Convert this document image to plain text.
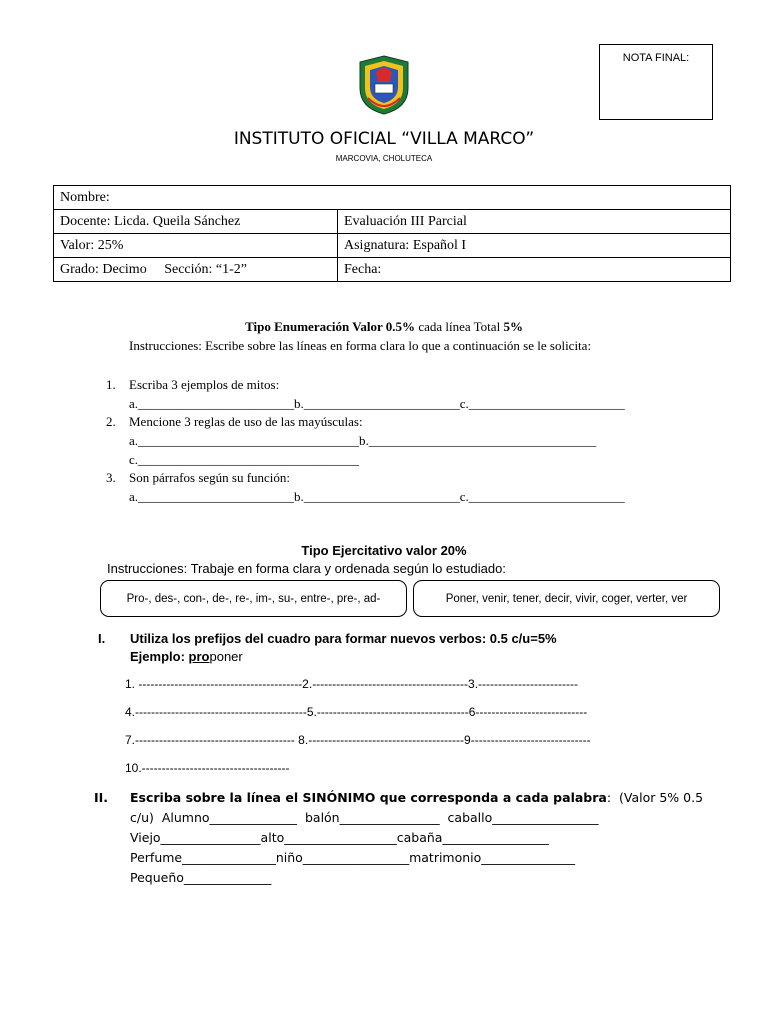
NOTA FINAL:
INSTITUTO OFICIAL “VILLA MARCO”
MARCOVIA, CHOLUTECA
Nombre:	
Docente: Licda. Queila Sánchez	Evaluación III Parcial
Valor: 25%	Asignatura: Español I
Grado: Decimo     Sección: “1-2”	Fecha:
Tipo Enumeración Valor 0.5% cada línea Total 5%
Instrucciones: Escribe sobre las líneas en forma clara lo que a continuación se le solicita:
1. Escriba 3 ejemplos de mitos:
a.________________________b.________________________c.________________________
2. Mencione 3 reglas de uso de las mayúsculas:
a.__________________________________b.___________________________________
c.__________________________________
3. Son párrafos según su función:
a.________________________b.________________________c.________________________
Tipo Ejercitativo valor 20%
Instrucciones: Trabaje en forma clara y ordenada según lo estudiado:
Pro-, des-, con-, de-, re-, im-, su-, entre-, pre-, ad-	Poner, venir, tener, decir, vivir, coger, verter, ver
I. Utiliza los prefijos del cuadro para formar nuevos verbos: 0.5 c/u=5%
Ejemplo: proponer
1. -----------------------------------------2.---------------------------------------3.-------------------------
4.-------------------------------------------5.--------------------------------------6----------------------------
7.---------------------------------------- 8.---------------------------------------9------------------------------
10.-------------------------------------
II. Escriba sobre la línea el SINÓNIMO que corresponda a cada palabra:  (Valor 5% 0.5
c/u)  Alumno______________  balón________________  caballo_________________
Viejo________________alto__________________cabaña_________________
Perfume_______________niño_________________matrimonio_______________
Pequeño______________
